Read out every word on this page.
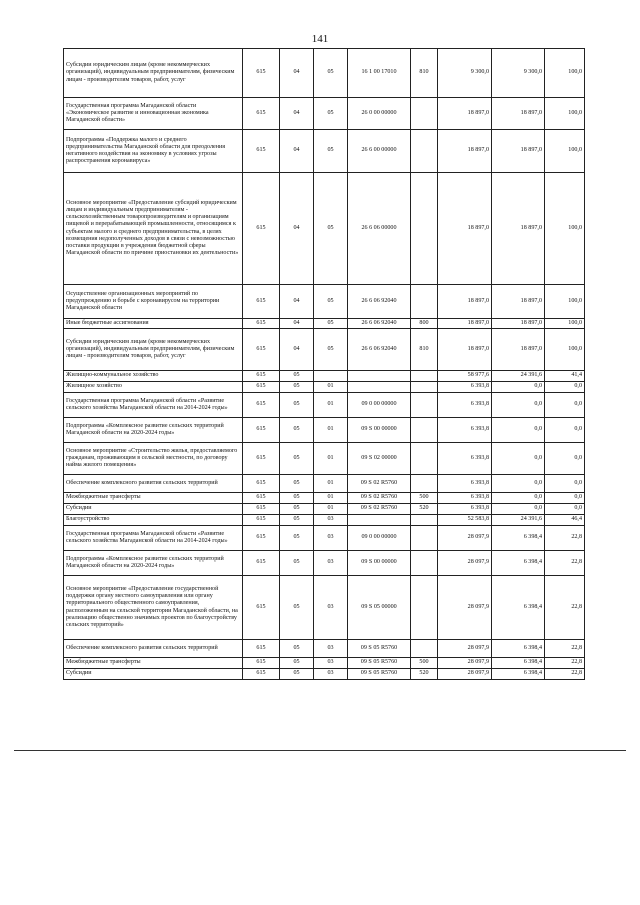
141
Субсидии юридическим лицам (кроме некоммерческих организаций), индивидуальным предпринимателям, физическим лицам - производителям товаров, работ, услуг	615	04	05	16 1 00 17010	810	9 300,0	9 300,0	100,0
Государственная программа Магаданской области «Экономическое развитие и инновационная экономика Магаданской области»	615	04	05	26 0 00 00000		18 897,0	18 897,0	100,0
Подпрограмма «Поддержка малого и среднего предпринимательства Магаданской области для преодоления негативного воздействия на экономику в условиях угрозы распространения коронавируса»	615	04	05	26 6 00 00000		18 897,0	18 897,0	100,0
Основное мероприятие «Предоставление субсидий юридическим лицам и индивидуальным предпринимателям - сельскохозяйственным товаропроизводителям и организациям пищевой и перерабатывающей промышленности, относящимся к субъектам малого и среднего предпринимательства, в целях возмещения недополученных доходов в связи с невозможностью поставки продукции в учреждения бюджетной сферы Магаданской области по причине приостановки их деятельности»	615	04	05	26 6 06 00000		18 897,0	18 897,0	100,0
Осуществление организационных мероприятий по предупреждению и борьбе с коронавирусом на территории Магаданской области	615	04	05	26 6 06 92040		18 897,0	18 897,0	100,0
Иные бюджетные ассигнования	615	04	05	26 6 06 92040	800	18 897,0	18 897,0	100,0
Субсидии юридическим лицам (кроме некоммерческих организаций), индивидуальным предпринимателям, физическим лицам - производителям товаров, работ, услуг	615	04	05	26 6 06 92040	810	18 897,0	18 897,0	100,0
Жилищно-коммунальное хозяйство	615	05				58 977,6	24 391,6	41,4
Жилищное хозяйство	615	05	01			6 393,8	0,0	0,0
Государственная программа Магаданской области «Развитие сельского хозяйства Магаданской области на 2014-2024 годы»	615	05	01	09 0 00 00000		6 393,8	0,0	0,0
Подпрограмма «Комплексное развитие сельских территорий Магаданской области на 2020-2024 годы»	615	05	01	09 S 00 00000		6 393,8	0,0	0,0
Основное мероприятие «Строительство жилья, предоставляемого гражданам, проживающим в сельской местности, по договору найма жилого помещения»	615	05	01	09 S 02 00000		6 393,8	0,0	0,0
Обеспечение комплексного развития сельских территорий	615	05	01	09 S 02 R5760		6 393,8	0,0	0,0
Межбюджетные трансферты	615	05	01	09 S 02 R5760	500	6 393,8	0,0	0,0
Субсидии	615	05	01	09 S 02 R5760	520	6 393,8	0,0	0,0
Благоустройство	615	05	03			52 583,8	24 391,6	46,4
Государственная программа Магаданской области «Развитие сельского хозяйства Магаданской области на 2014-2024 годы»	615	05	03	09 0 00 00000		28 097,9	6 398,4	22,8
Подпрограмма «Комплексное развитие сельских территорий Магаданской области на 2020-2024 годы»	615	05	03	09 S 00 00000		28 097,9	6 398,4	22,8
Основное мероприятие «Предоставление государственной поддержки органу местного самоуправления или органу территориального общественного самоуправления, расположенным на сельской территории Магаданской области, на реализацию общественно значимых проектов по благоустройству сельских территорий»	615	05	03	09 S 05 00000		28 097,9	6 398,4	22,8
Обеспечение комплексного развития сельских территорий	615	05	03	09 S 05 R5760		28 097,9	6 398,4	22,8
Межбюджетные трансферты	615	05	03	09 S 05 R5760	500	28 097,9	6 398,4	22,8
Субсидии	615	05	03	09 S 05 R5760	520	28 097,9	6 398,4	22,8
